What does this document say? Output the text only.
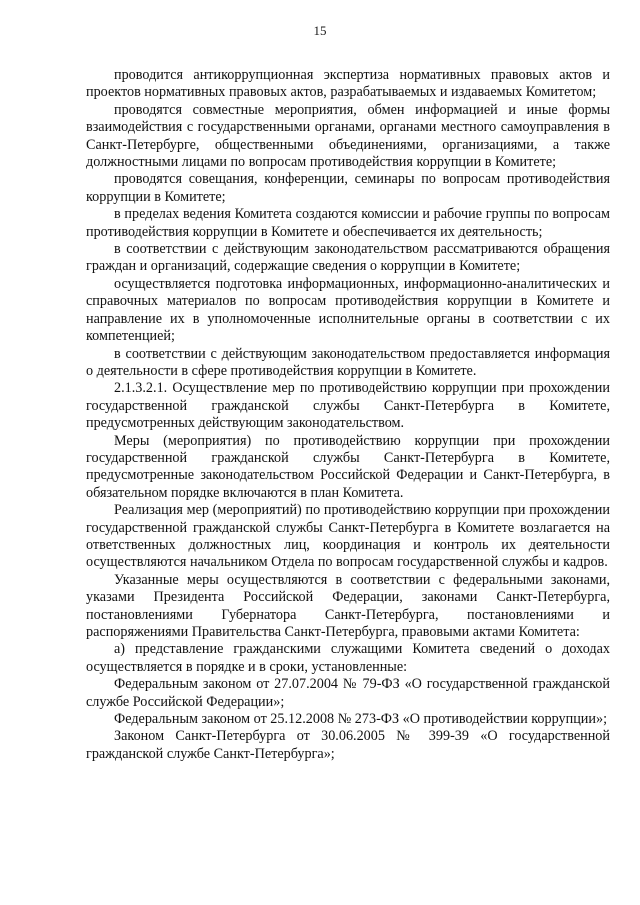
15

проводится антикоррупционная экспертиза нормативных правовых актов и проектов нормативных правовых актов, разрабатываемых и издаваемых Комитетом;

проводятся совместные мероприятия, обмен информацией и иные формы взаимодействия с государственными органами, органами местного самоуправления в Санкт-Петербурге, общественными объединениями, организациями, а также должностными лицами по вопросам противодействия коррупции в Комитете;

проводятся совещания, конференции, семинары по вопросам противодействия коррупции в Комитете;

в пределах ведения Комитета создаются комиссии и рабочие группы по вопросам противодействия коррупции в Комитете и обеспечивается их деятельность;

в соответствии с действующим законодательством рассматриваются обращения граждан и организаций, содержащие сведения о коррупции в Комитете;

осуществляется подготовка информационных, информационно-аналитических и справочных материалов по вопросам противодействия коррупции в Комитете и направление их в уполномоченные исполнительные органы в соответствии с их компетенцией;

в соответствии с действующим законодательством предоставляется информация о деятельности в сфере противодействия коррупции в Комитете.

2.1.3.2.1. Осуществление мер по противодействию коррупции при прохождении государственной гражданской службы Санкт-Петербурга в Комитете, предусмотренных действующим законодательством.

Меры (мероприятия) по противодействию коррупции при прохождении государственной гражданской службы Санкт-Петербурга в Комитете, предусмотренные законодательством Российской Федерации и Санкт-Петербурга, в обязательном порядке включаются в план Комитета.

Реализация мер (мероприятий) по противодействию коррупции при прохождении государственной гражданской службы Санкт-Петербурга в Комитете возлагается на ответственных должностных лиц, координация и контроль их деятельности осуществляются начальником Отдела по вопросам государственной службы и кадров.

Указанные меры осуществляются в соответствии с федеральными законами, указами Президента Российской Федерации, законами Санкт-Петербурга, постановлениями Губернатора Санкт-Петербурга, постановлениями и распоряжениями Правительства Санкт-Петербурга, правовыми актами Комитета:

а) представление гражданскими служащими Комитета сведений о доходах осуществляется в порядке и в сроки, установленные:

Федеральным законом от 27.07.2004 № 79-ФЗ «О государственной гражданской службе Российской Федерации»;

Федеральным законом от 25.12.2008 № 273-ФЗ «О противодействии коррупции»;

Законом Санкт-Петербурга от 30.06.2005 № 399-39 «О государственной гражданской службе Санкт-Петербурга»;
